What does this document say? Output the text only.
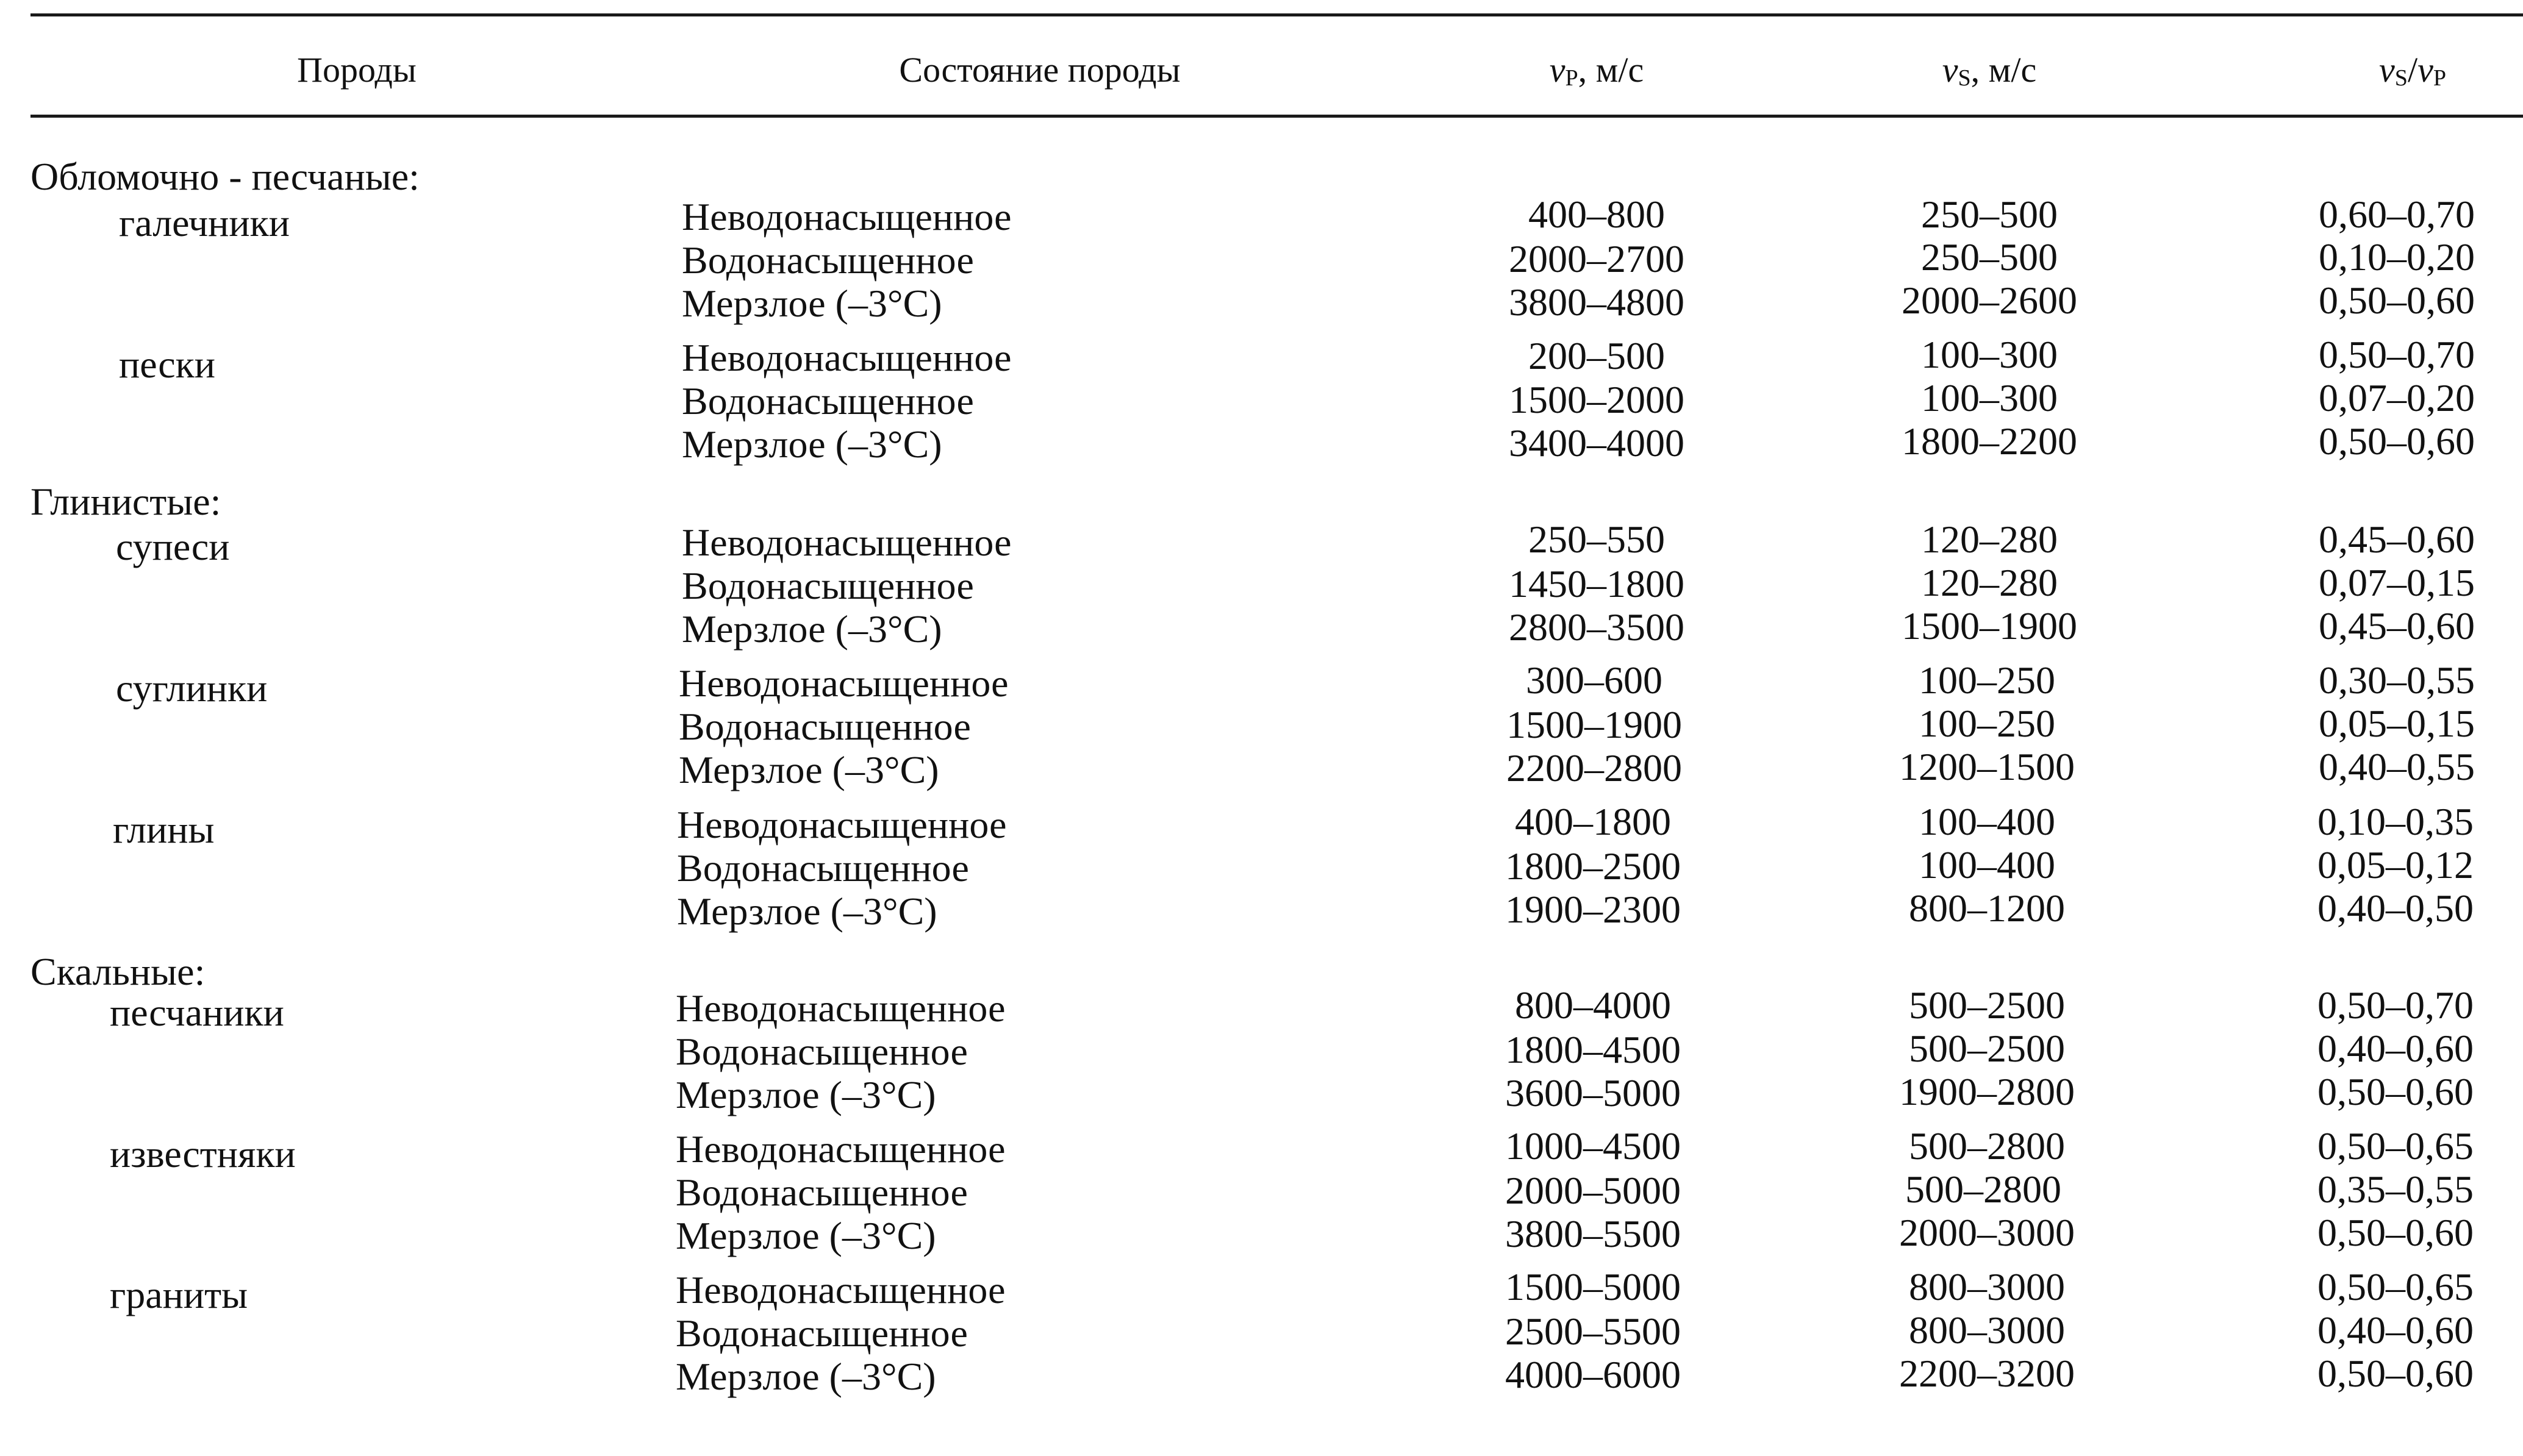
Породы	Состояние породы	$v_P$, м/с	$v_S$, м/с	$v_S/v_P$
Обломочно - песчаные:
галечники	Неводонасыщенное	400–800	250–500	0,60–0,70
Водонасыщенное	2000–2700	250–500	0,10–0,20
Мерзлое (–3°С)	3800–4800	2000–2600	0,50–0,60
пески	Неводонасыщенное	200–500	100–300	0,50–0,70
Водонасыщенное	1500–2000	100–300	0,07–0,20
Мерзлое (–3°С)	3400–4000	1800–2200	0,50–0,60
Глинистые:
супеси	Неводонасыщенное	250–550	120–280	0,45–0,60
Водонасыщенное	1450–1800	120–280	0,07–0,15
Мерзлое (–3°С)	2800–3500	1500–1900	0,45–0,60
суглинки	Неводонасыщенное	300–600	100–250	0,30–0,55
Водонасыщенное	1500–1900	100–250	0,05–0,15
Мерзлое (–3°С)	2200–2800	1200–1500	0,40–0,55
глины	Неводонасыщенное	400–1800	100–400	0,10–0,35
Водонасыщенное	1800–2500	100–400	0,05–0,12
Мерзлое (–3°С)	1900–2300	800–1200	0,40–0,50
Скальные:
песчаники	Неводонасыщенное	800–4000	500–2500	0,50–0,70
Водонасыщенное	1800–4500	500–2500	0,40–0,60
Мерзлое (–3°С)	3600–5000	1900–2800	0,50–0,60
известняки	Неводонасыщенное	1000–4500	500–2800	0,50–0,65
Водонасыщенное	2000–5000	500–2800	0,35–0,55
Мерзлое (–3°С)	3800–5500	2000–3000	0,50–0,60
граниты	Неводонасыщенное	1500–5000	800–3000	0,50–0,65
Водонасыщенное	2500–5500	800–3000	0,40–0,60
Мерзлое (–3°С)	4000–6000	2200–3200	0,50–0,60
